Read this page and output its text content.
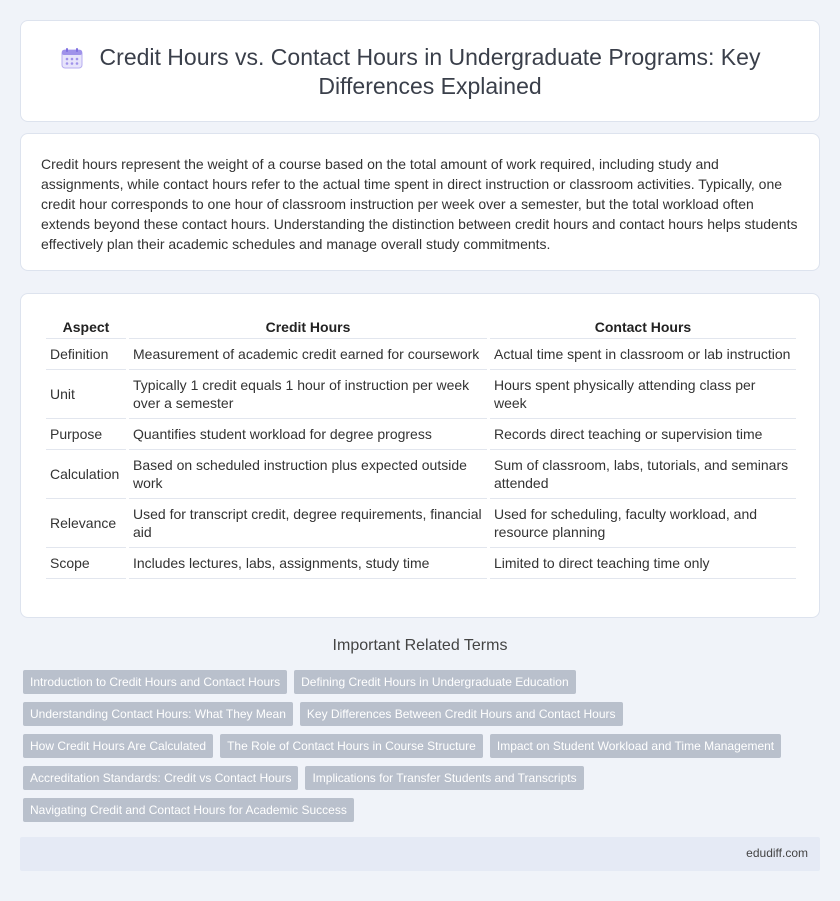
Credit Hours vs. Contact Hours in Undergraduate Programs: Key Differences Explained
Credit hours represent the weight of a course based on the total amount of work required, including study and assignments, while contact hours refer to the actual time spent in direct instruction or classroom activities. Typically, one credit hour corresponds to one hour of classroom instruction per week over a semester, but the total workload often extends beyond these contact hours. Understanding the distinction between credit hours and contact hours helps students effectively plan their academic schedules and manage overall study commitments.
Aspect	Credit Hours	Contact Hours
Definition	Measurement of academic credit earned for coursework	Actual time spent in classroom or lab instruction
Unit	Typically 1 credit equals 1 hour of instruction per week over a semester	Hours spent physically attending class per week
Purpose	Quantifies student workload for degree progress	Records direct teaching or supervision time
Calculation	Based on scheduled instruction plus expected outside work	Sum of classroom, labs, tutorials, and seminars attended
Relevance	Used for transcript credit, degree requirements, financial aid	Used for scheduling, faculty workload, and resource planning
Scope	Includes lectures, labs, assignments, study time	Limited to direct teaching time only
Important Related Terms
Introduction to Credit Hours and Contact Hours	Defining Credit Hours in Undergraduate Education
Understanding Contact Hours: What They Mean	Key Differences Between Credit Hours and Contact Hours
How Credit Hours Are Calculated	The Role of Contact Hours in Course Structure	Impact on Student Workload and Time Management
Accreditation Standards: Credit vs Contact Hours	Implications for Transfer Students and Transcripts
Navigating Credit and Contact Hours for Academic Success
edudiff.com
